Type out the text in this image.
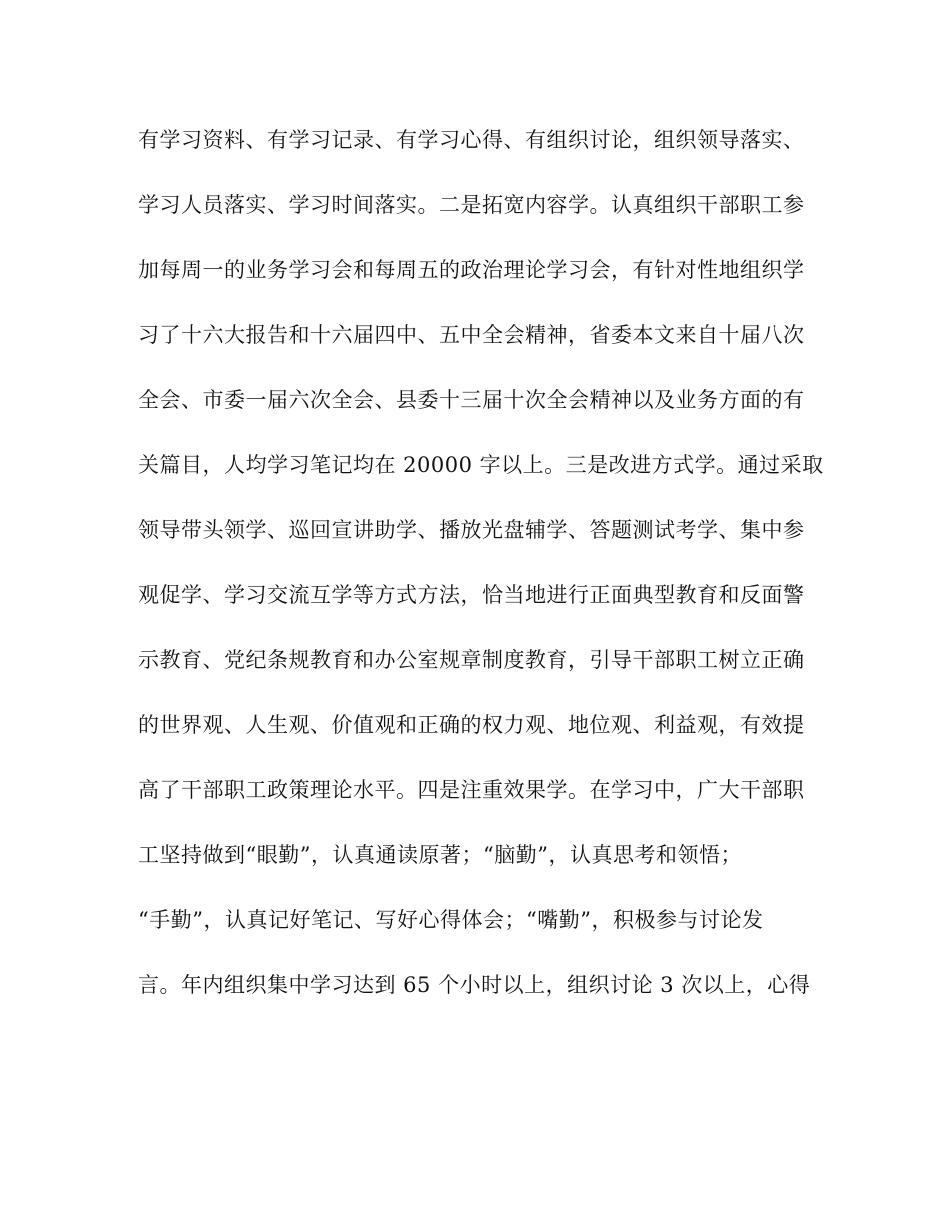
有学习资料、有学习记录、有学习心得、有组织讨论，组织领导落实、
学习人员落实、学习时间落实。二是拓宽内容学。认真组织干部职工参
加每周一的业务学习会和每周五的政治理论学习会，有针对性地组织学
习了十六大报告和十六届四中、五中全会精神，省委本文来自十届八次
全会、市委一届六次全会、县委十三届十次全会精神以及业务方面的有
关篇目，人均学习笔记均在 20000 字以上。三是改进方式学。通过采取
领导带头领学、巡回宣讲助学、播放光盘辅学、答题测试考学、集中参
观促学、学习交流互学等方式方法，恰当地进行正面典型教育和反面警
示教育、党纪条规教育和办公室规章制度教育，引导干部职工树立正确
的世界观、人生观、价值观和正确的权力观、地位观、利益观，有效提
高了干部职工政策理论水平。四是注重效果学。在学习中，广大干部职
工坚持做到“眼勤”，认真通读原著；“脑勤”，认真思考和领悟；
“手勤”，认真记好笔记、写好心得体会；“嘴勤”，积极参与讨论发
言。年内组织集中学习达到 65 个小时以上，组织讨论 3 次以上，心得
